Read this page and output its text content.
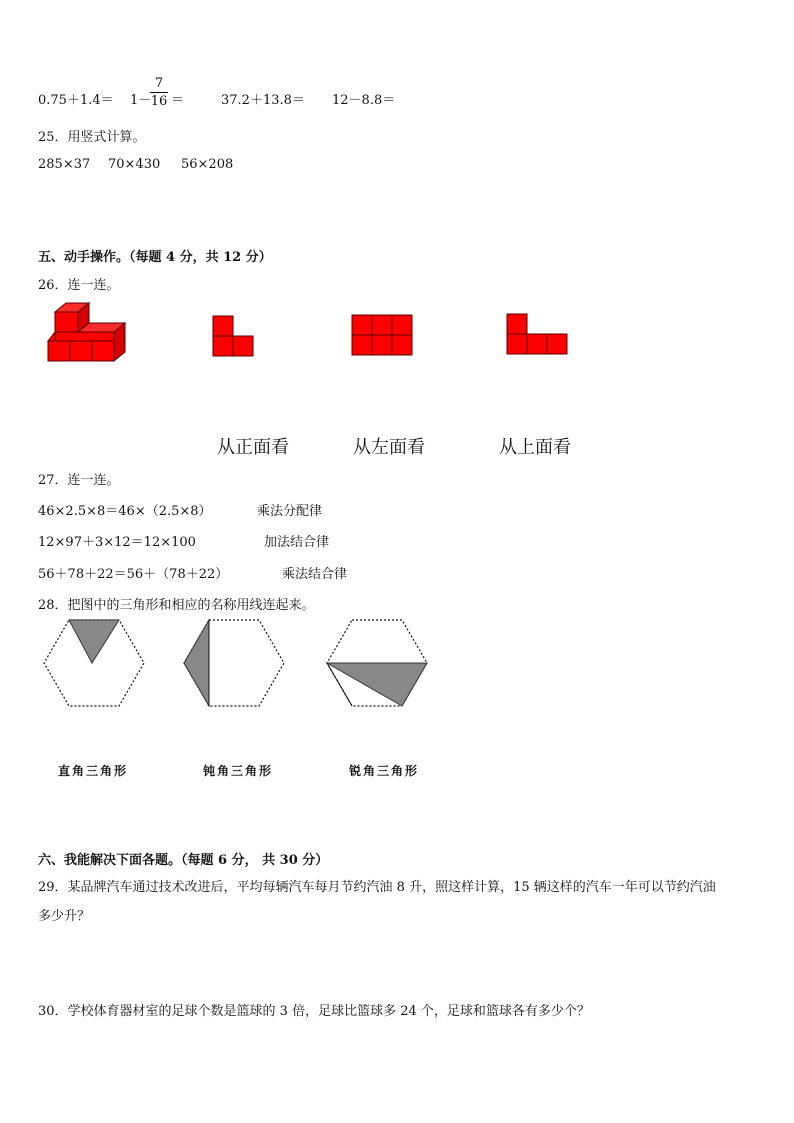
0.75＋1.4＝ 1－
7
16 ＝	37.2＋13.8＝ 12－8.8＝
25．用竖式计算。
285×37 70×430 56×208
五、动手操作。（每题 4 分，共 12 分）
26．连一连。
从正面看	从左面看	从上面看
27．连一连。
46×2.5×8＝46×（2.5×8）
12×97＋3×12＝12×100
56＋78＋22＝56＋（78＋22）
乘法分配律
加法结合律
乘法结合律
28．把图中的三角形和相应的名称用线连起来。
直角三角形	钝角三角形	锐角三角形
六、我能解决下面各题。（每题 6 分， 共 30 分）
29．某品牌汽车通过技术改进后，平均每辆汽车每月节约汽油 8 升，照这样计算，15 辆这样的汽车一年可以节约汽油
多少升？
30．学校体育器材室的足球个数是篮球的 3 倍，足球比篮球多 24 个，足球和篮球各有多少个？
